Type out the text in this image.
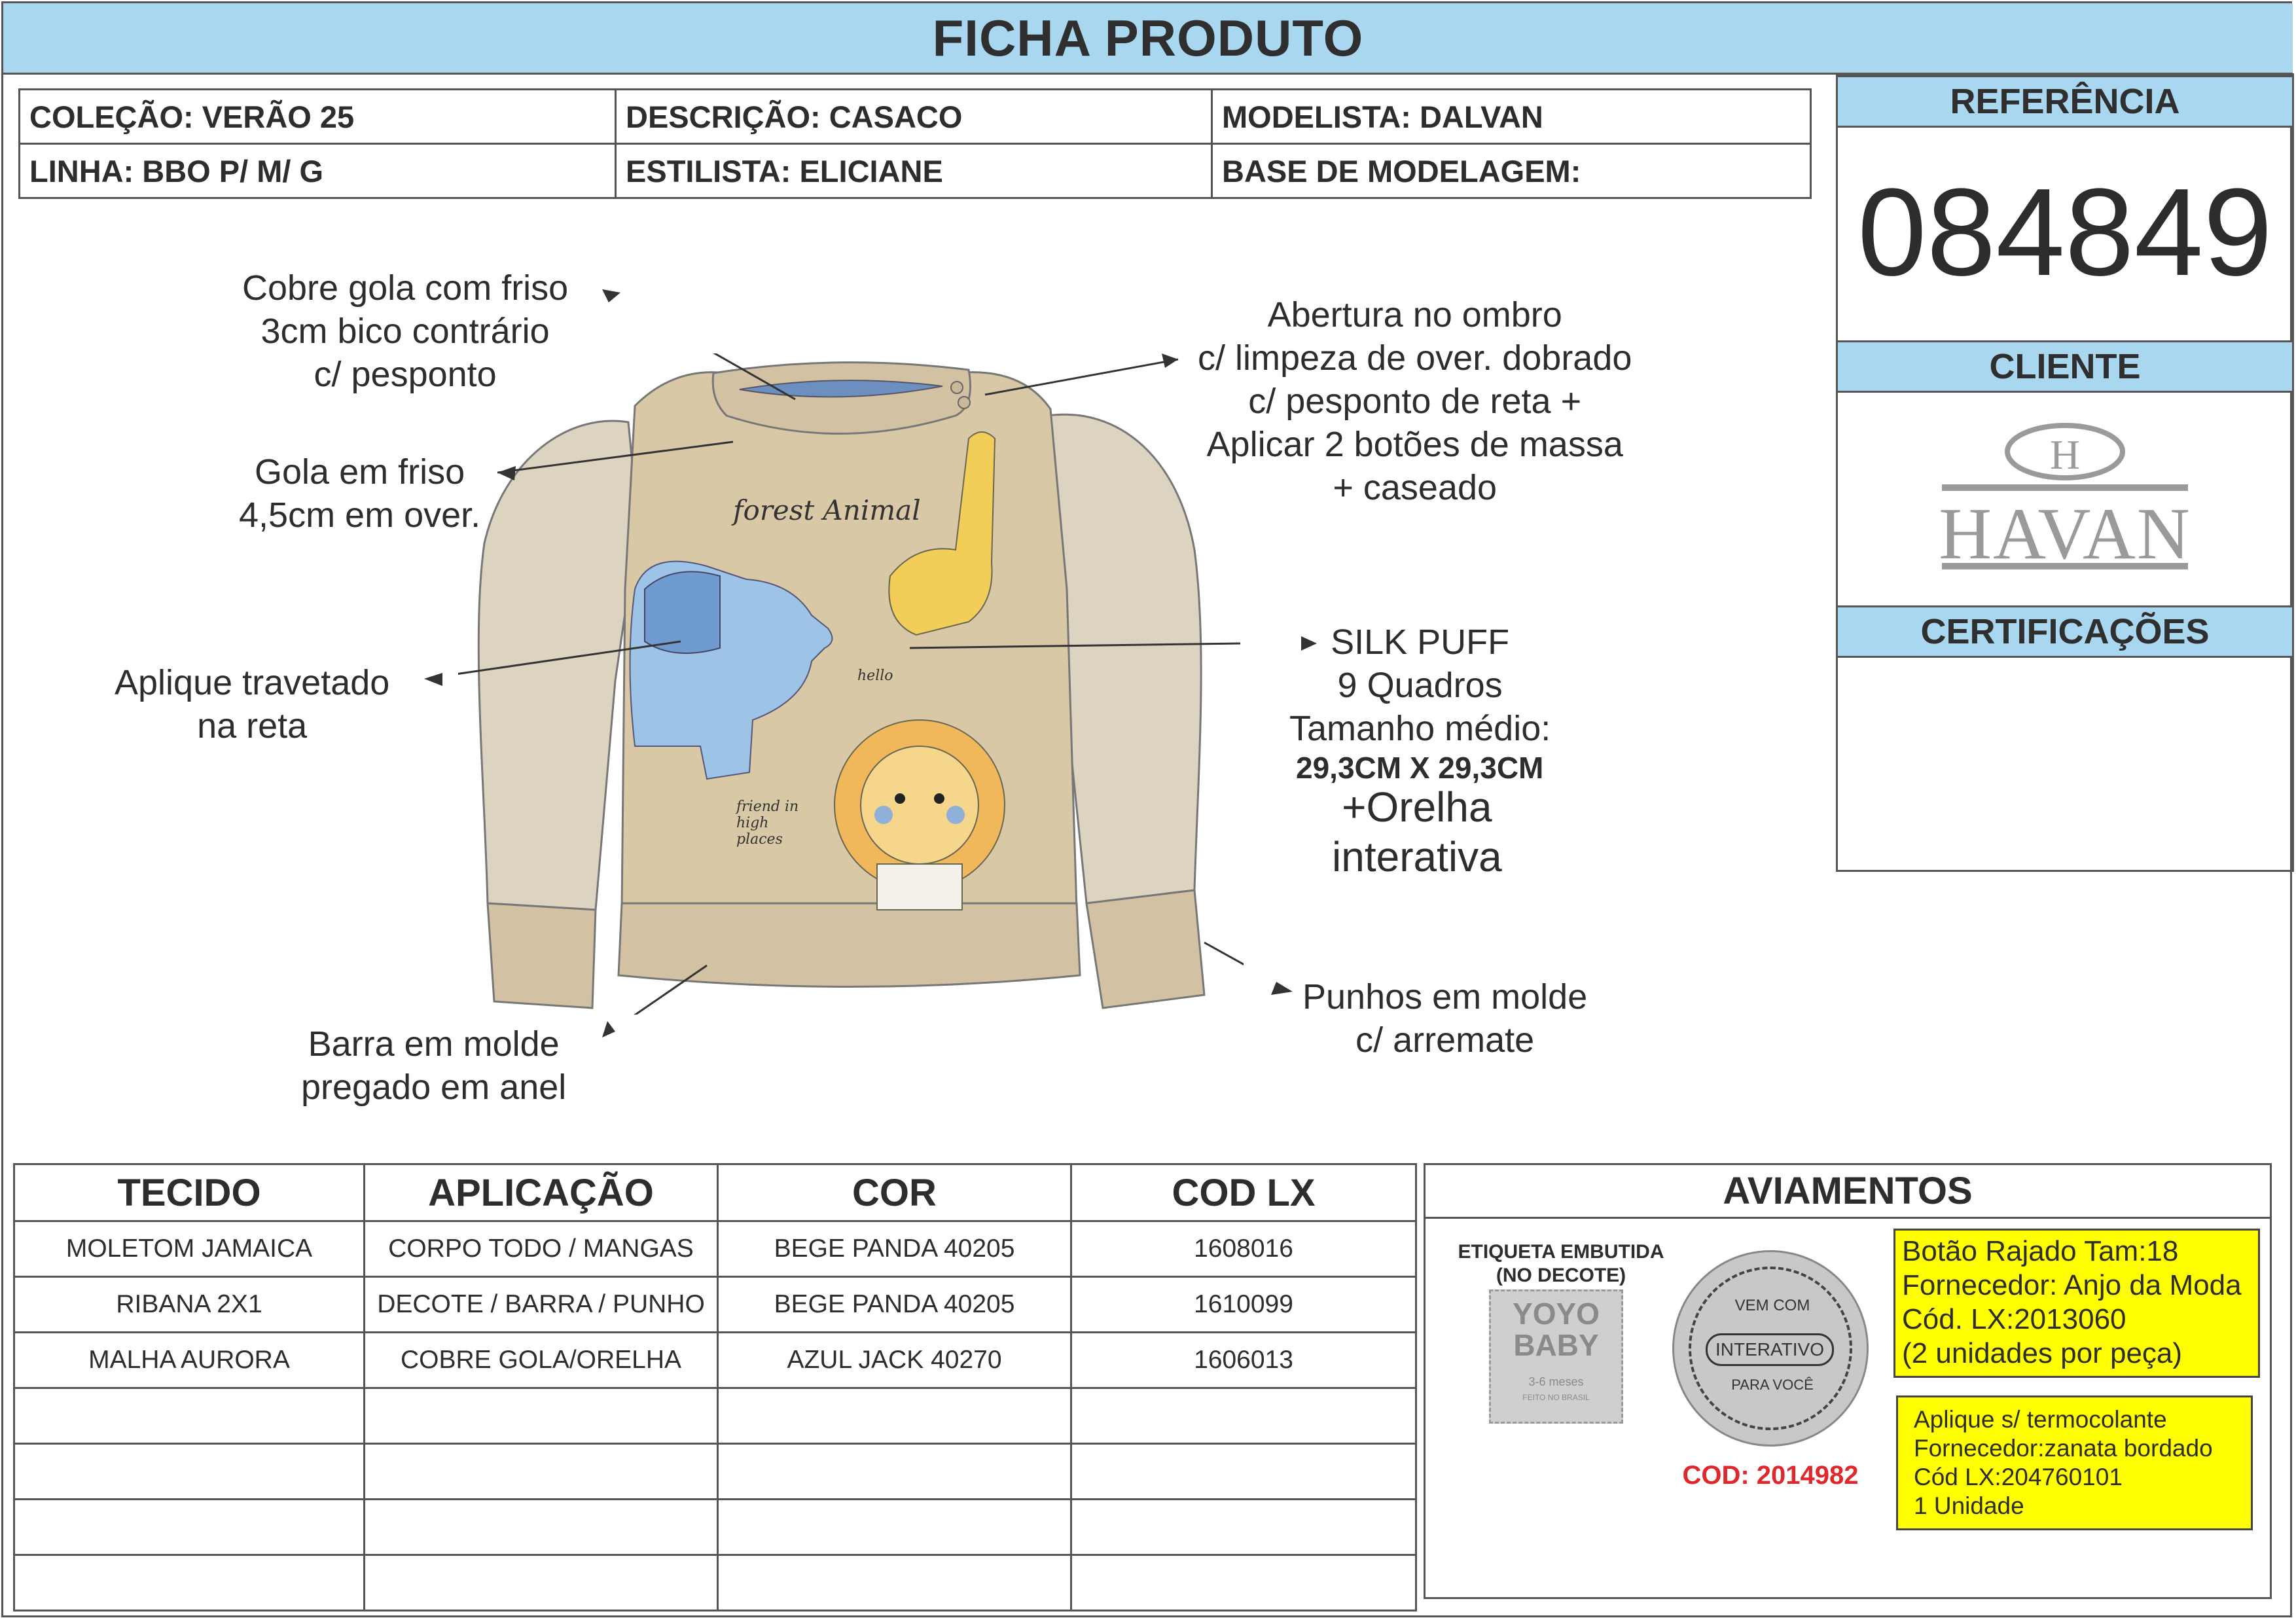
FICHA PRODUTO
COLEÇÃO: VERÃO 25	DESCRIÇÃO: CASACO	MODELISTA: DALVAN
LINHA: BBO P/ M/ G	ESTILISTA: ELICIANE	BASE DE MODELAGEM:
REFERÊNCIA
084849
CLIENTE
H
HAVAN
CERTIFICAÇÕES
forest Animal
hello
friend in high places
Cobre gola com friso
3cm bico contrário
c/ pesponto
Gola em friso
4,5cm em over.
Aplique travetado
na reta
Barra em molde
pregado em anel
Abertura no ombro
c/ limpeza de over. dobrado
c/ pesponto de reta +
Aplicar 2 botões de massa
+ caseado
SILK PUFF
9 Quadros
Tamanho médio:
29,3CM X 29,3CM
+Orelha
interativa
Punhos em molde
c/ arremate
TECIDO	APLICAÇÃO	COR	COD LX
MOLETOM JAMAICA	CORPO TODO / MANGAS	BEGE PANDA 40205	1608016
RIBANA 2X1	DECOTE / BARRA / PUNHO	BEGE PANDA 40205	1610099
MALHA AURORA	COBRE GOLA/ORELHA	AZUL JACK 40270	1606013

AVIAMENTOS
ETIQUETA EMBUTIDA
(NO DECOTE)
YOYO
BABY
3-6 meses
FEITO NO BRASIL
VEM COM
INTERATIVO
PARA VOCÊ
COD: 2014982
Botão Rajado Tam:18
Fornecedor: Anjo da Moda
Cód. LX:2013060
(2 unidades por peça)
Aplique s/ termocolante
Fornecedor:zanata bordado
Cód LX:204760101
1 Unidade
